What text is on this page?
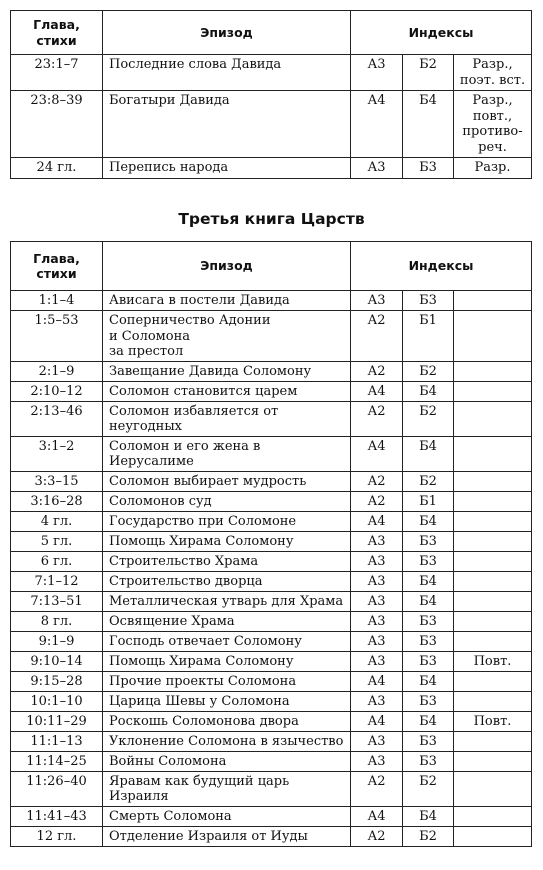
Глава,
стихи	Эпизод	Индексы		
23:1–7	Последние слова Давида	А3	Б2	Разр.,
поэт. вст.
23:8–39	Богатыри Давида	А4	Б4	Разр.,
повт.,
противо-
реч.
24 гл.	Перепись народа	А3	Б3	Разр.
Третья книга Царств
Глава,
стихи	Эпизод	Индексы		
1:1–4	Ависага в постели Давида	А3	Б3	
1:5–53	Соперничество Адонии
и Соломона
за престол	А2	Б1	
2:1–9	Завещание Давида Соломону	А2	Б2	
2:10–12	Соломон становится царем	А4	Б4	
2:13–46	Соломон избавляется от
неугодных	А2	Б2	
3:1–2	Соломон и его жена в Иерусалиме	А4	Б4	
3:3–15	Соломон выбирает мудрость	А2	Б2	
3:16–28	Соломонов суд	А2	Б1	
4 гл.	Государство при Соломоне	А4	Б4	
5 гл.	Помощь Хирама Соломону	А3	Б3	
6 гл.	Строительство Храма	А3	Б3	
7:1–12	Строительство дворца	А3	Б4	
7:13–51	Металлическая утварь для Храма	А3	Б4	
8 гл.	Освящение Храма	А3	Б3	
9:1–9	Господь отвечает Соломону	А3	Б3	
9:10–14	Помощь Хирама Соломону	А3	Б3	Повт.
9:15–28	Прочие проекты Соломона	А4	Б4	
10:1–10	Царица Шевы у Соломона	А3	Б3	
10:11–29	Роскошь Соломонова двора	А4	Б4	Повт.
11:1–13	Уклонение Соломона в язычество	А3	Б3	
11:14–25	Войны Соломона	А3	Б3	
11:26–40	Яравам как будущий царь
Израиля	А2	Б2	
11:41–43	Смерть Соломона	А4	Б4	
12 гл.	Отделение Израиля от Иуды	А2	Б2	
